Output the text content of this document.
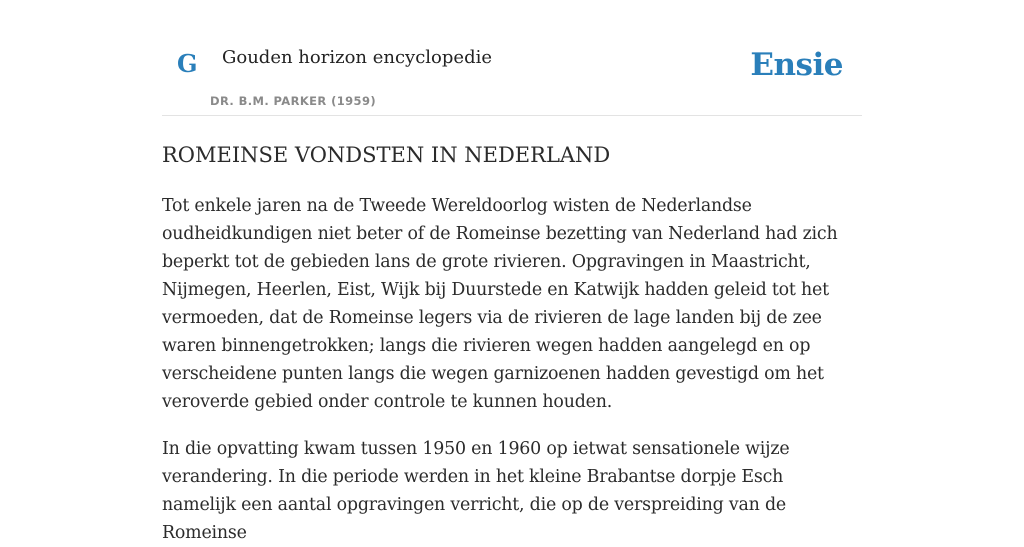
G Gouden horizon encyclopedie
DR. B.M. PARKER (1959)
Ensie
ROMEINSE VONDSTEN IN NEDERLAND

Tot enkele jaren na de Tweede Wereldoorlog wisten de Nederlandse oudheidkundigen niet beter of de Romeinse bezetting van Nederland had zich beperkt tot de gebieden lans de grote rivieren. Opgravingen in Maastricht, Nijmegen, Heerlen, Eist, Wijk bij Duurstede en Katwijk hadden geleid tot het vermoeden, dat de Romeinse legers via de rivieren de lage landen bij de zee waren binnengetrokken; langs die rivieren wegen hadden aangelegd en op verscheidene punten langs die wegen garnizoenen hadden gevestigd om het veroverde gebied onder controle te kunnen houden.

In die opvatting kwam tussen 1950 en 1960 op ietwat sensationele wijze verandering. In die periode werden in het kleine Brabantse dorpje Esch namelijk een aantal opgravingen verricht, die op de verspreiding van de Romeinse
